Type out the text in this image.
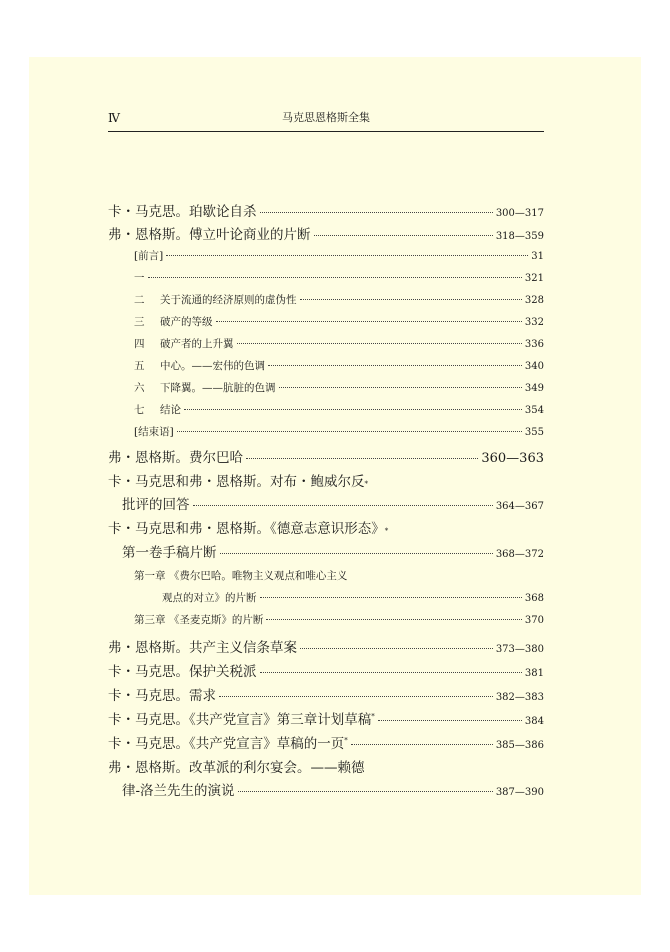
Ⅳ	马克思恩格斯全集
卡・马克思。珀歇论自杀	300—317
弗・恩格斯。傅立叶论商业的片断	318—359
[前言]	31
一	321
二 关于流通的经济原则的虚伪性	328
三 破产的等级	332
四 破产者的上升翼	336
五 中心。——宏伟的色调	340
六 下降翼。——肮脏的色调	349
七 结论	354
[结束语]	355
弗・恩格斯。费尔巴哈	360—363
卡・马克思和弗・恩格斯。对布・鲍威尔反 *
批评的回答	364—367
卡・马克思和弗・恩格斯。《德意志意识形态》 *
第一卷手稿片断	368—372
第一章 《费尔巴哈。唯物主义观点和唯心主义
观点的对立》的片断	368
第三章 《圣麦克斯》的片断	370
弗・恩格斯。共产主义信条草案	373—380
卡・马克思。保护关税派	381
卡・马克思。需求	382—383
卡・马克思。《共产党宣言》第三章计划草稿*	384
卡・马克思。《共产党宣言》草稿的一页*	385—386
弗・恩格斯。改革派的利尔宴会。——赖德
律-洛兰先生的演说	387—390
